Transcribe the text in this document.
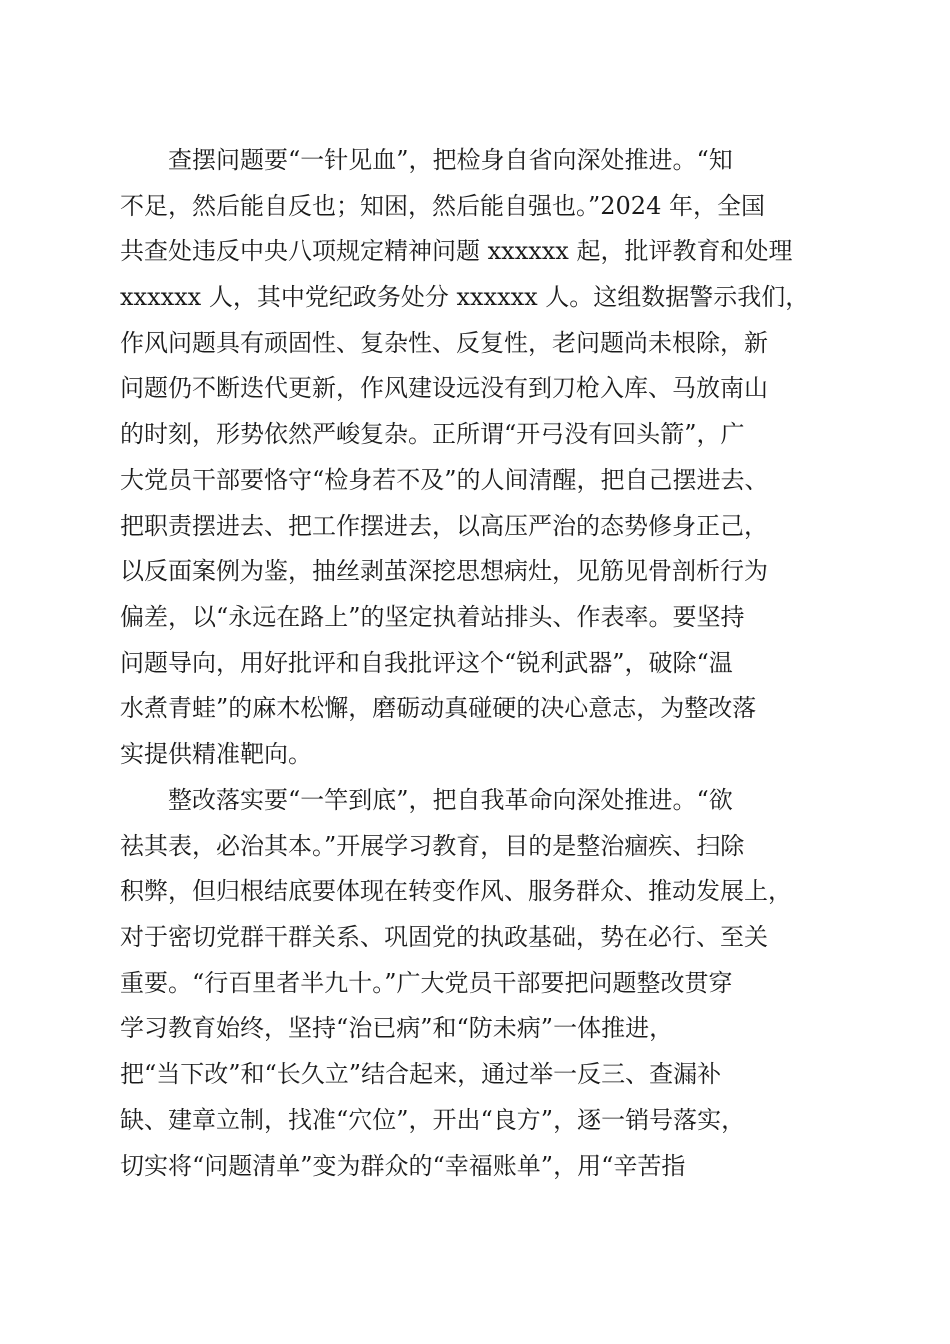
查摆问题要“一针见血”，把检身自省向深处推进。“知
不足，然后能自反也；知困，然后能自强也。”2024 年，全国
共查处违反中央八项规定精神问题 xxxxxx 起，批评教育和处理
xxxxxx 人，其中党纪政务处分 xxxxxx 人。这组数据警示我们，
作风问题具有顽固性、复杂性、反复性，老问题尚未根除，新
问题仍不断迭代更新，作风建设远没有到刀枪入库、马放南山
的时刻，形势依然严峻复杂。正所谓“开弓没有回头箭”，广
大党员干部要恪守“检身若不及”的人间清醒，把自己摆进去、
把职责摆进去、把工作摆进去，以高压严治的态势修身正己，
以反面案例为鉴，抽丝剥茧深挖思想病灶，见筋见骨剖析行为
偏差，以“永远在路上”的坚定执着站排头、作表率。要坚持
问题导向，用好批评和自我批评这个“锐利武器”，破除“温
水煮青蛙”的麻木松懈，磨砺动真碰硬的决心意志，为整改落
实提供精准靶向。
整改落实要“一竿到底”，把自我革命向深处推进。“欲
祛其表，必治其本。”开展学习教育，目的是整治痼疾、扫除
积弊，但归根结底要体现在转变作风、服务群众、推动发展上，
对于密切党群干群关系、巩固党的执政基础，势在必行、至关
重要。“行百里者半九十。”广大党员干部要把问题整改贯穿
学习教育始终，坚持“治已病”和“防未病”一体推进，
把“当下改”和“长久立”结合起来，通过举一反三、查漏补
缺、建章立制，找准“穴位”，开出“良方”，逐一销号落实，
切实将“问题清单”变为群众的“幸福账单”，用“辛苦指
